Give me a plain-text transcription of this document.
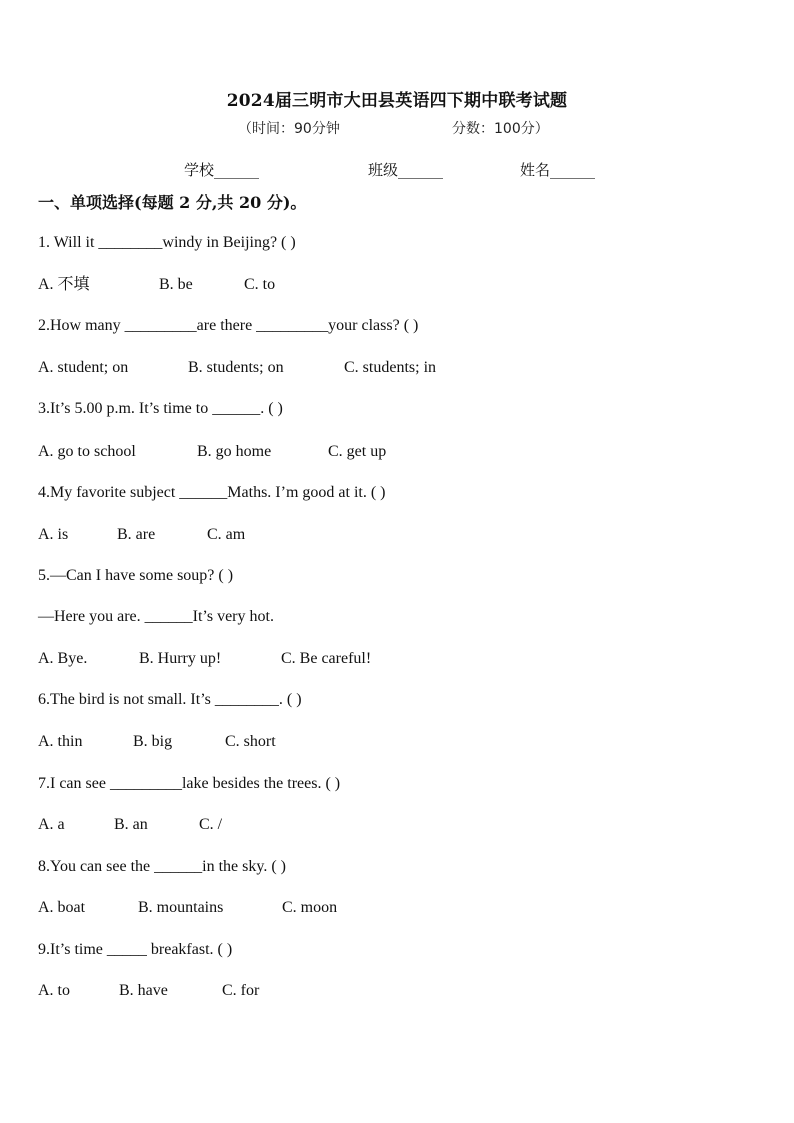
2024届三明市大田县英语四下期中联考试题
（时间：90分钟	分数：100分）
学校______	班级______	姓名______
一、单项选择(每题 2 分,共 20 分)。
1. Will it ________windy in Beijing? ( )
A. 不填	B. be	C. to
2.How many _________are there _________your class? ( )
A. student; on	B. students; on	C. students; in
3.It’s 5.00 p.m. It’s time to ______. ( )
A. go to school	B. go home	C. get up
4.My favorite subject ______Maths. I’m good at it. ( )
A. is	B. are	C. am
5.—Can I have some soup? ( )
—Here you are. ______It’s very hot.
A. Bye.	B. Hurry up!	C. Be careful!
6.The bird is not small. It’s ________. ( )
A. thin	B. big	C. short
7.I can see _________lake besides the trees. ( )
A. a	B. an	C. /
8.You can see the ______in the sky. ( )
A. boat	B. mountains	C. moon
9.It’s time _____ breakfast. ( )
A. to	B. have	C. for
